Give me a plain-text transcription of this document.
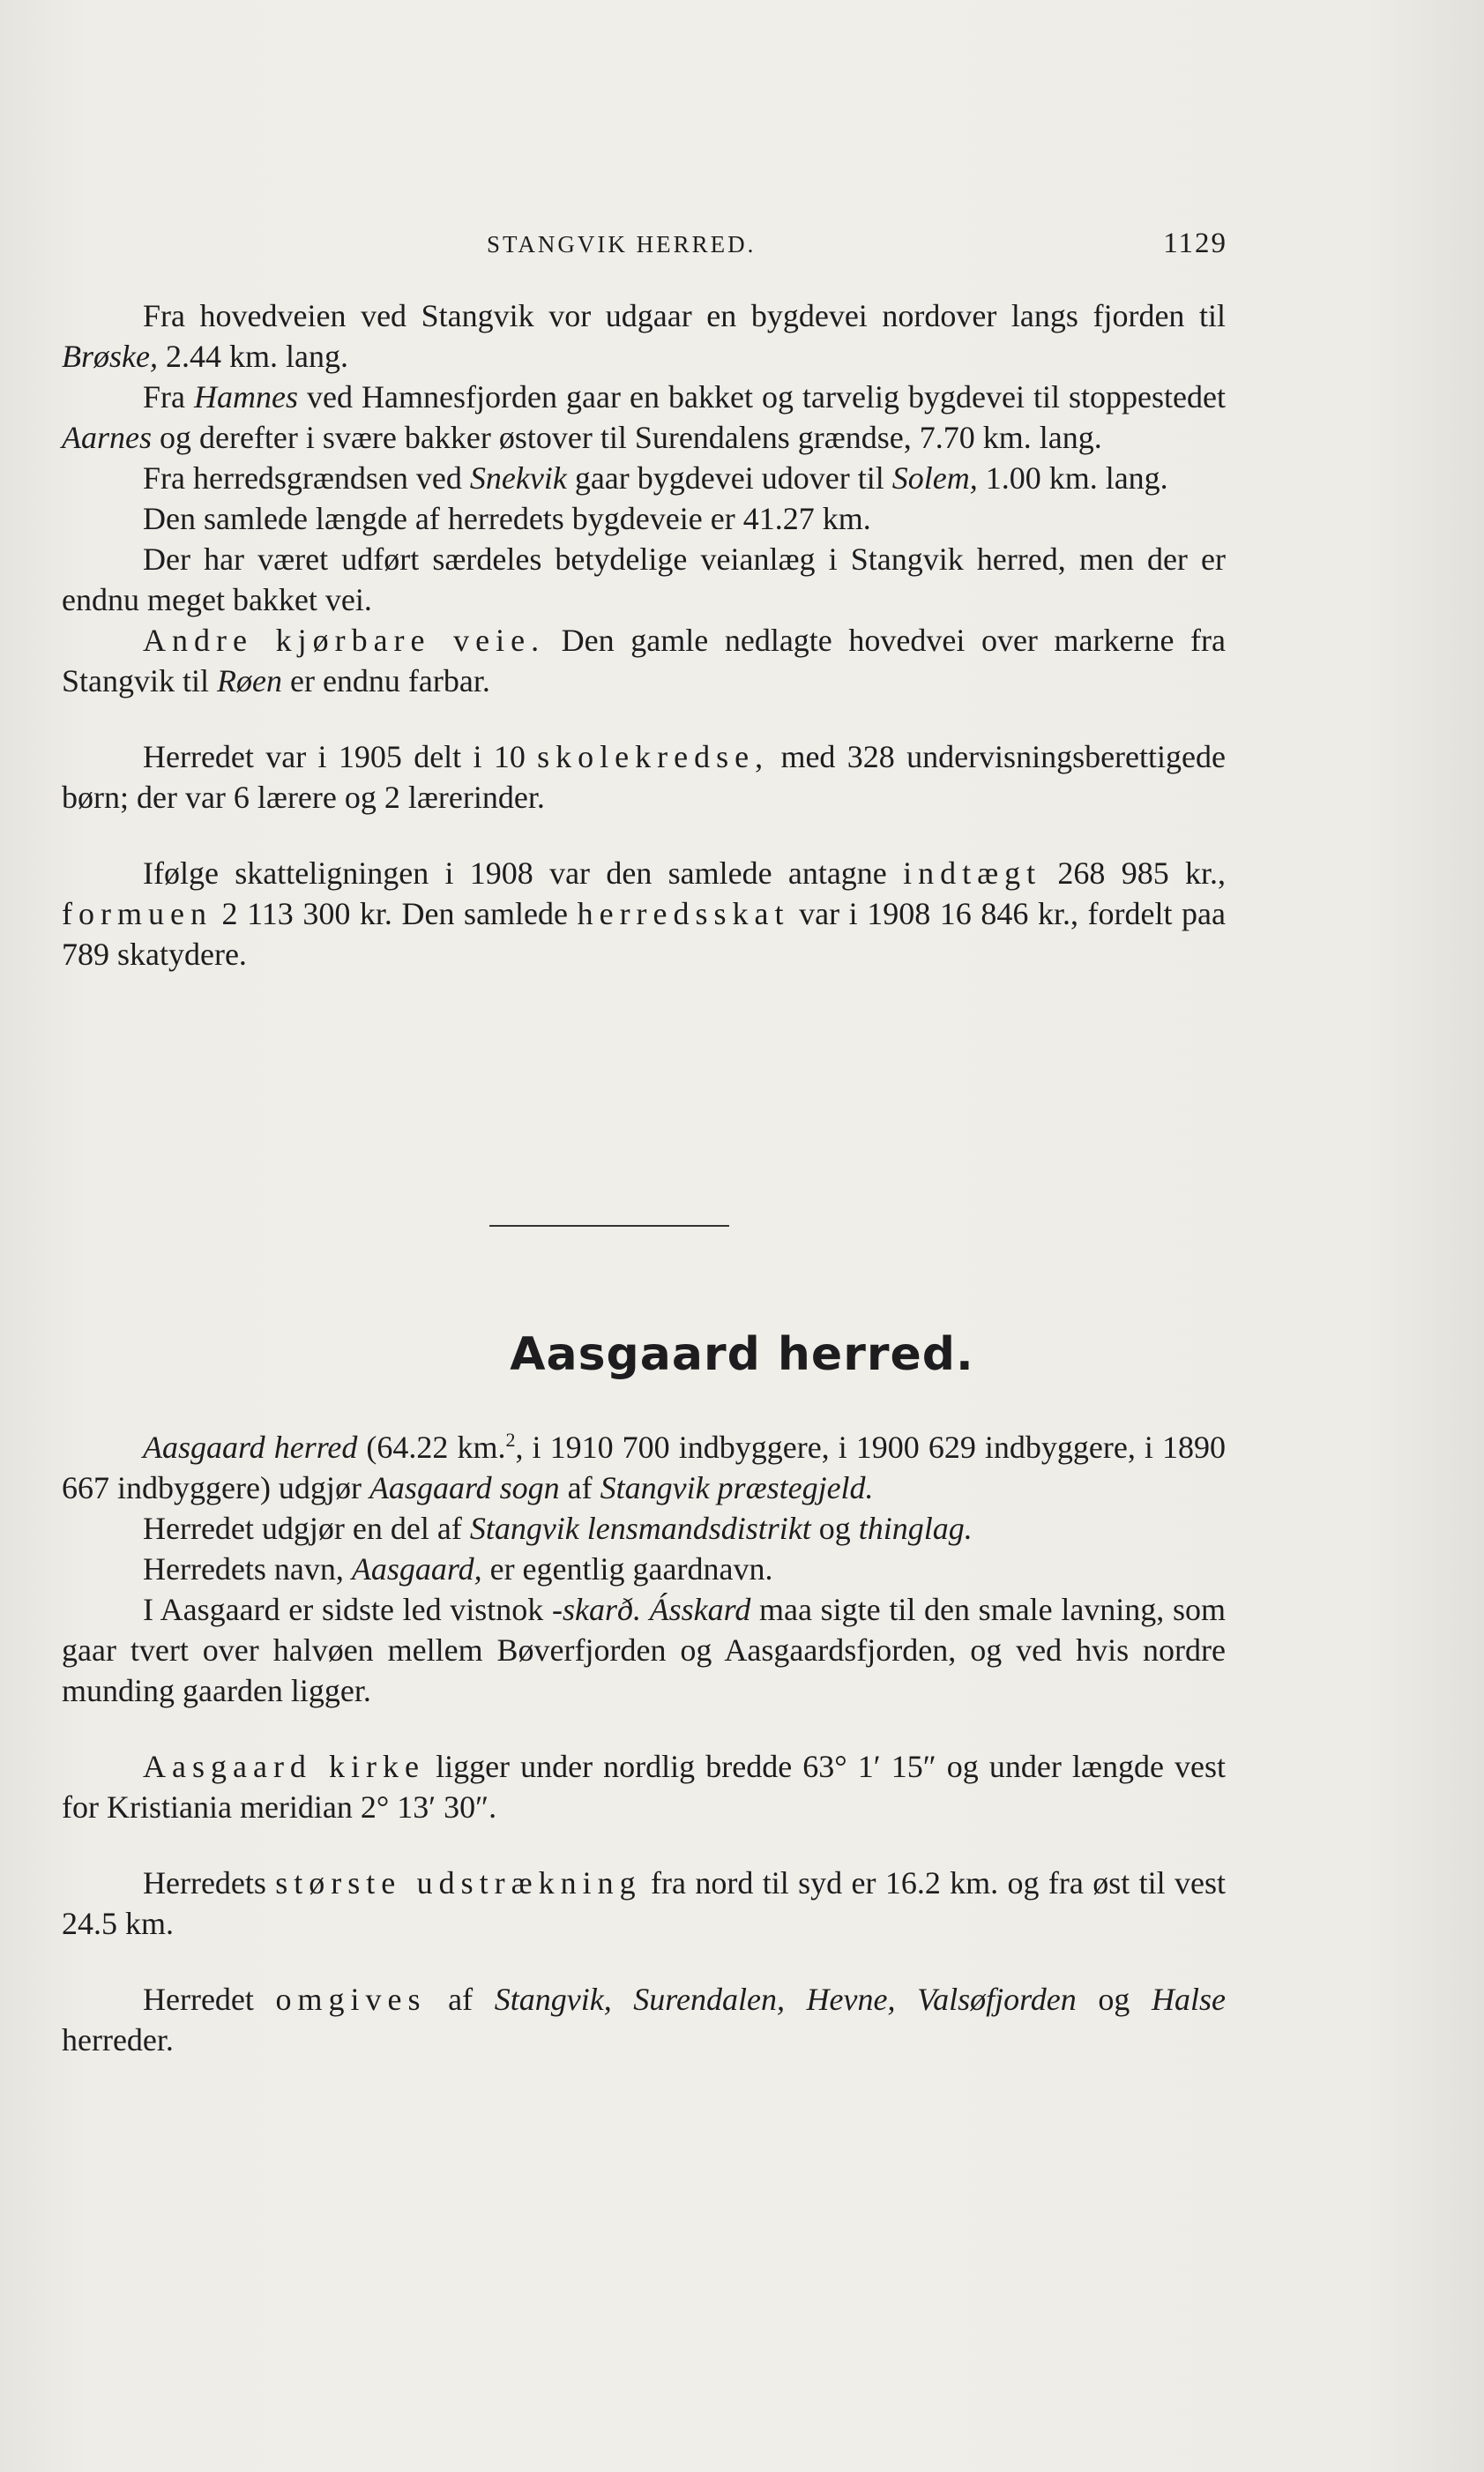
STANGVIK HERRED.	1129

Fra hovedveien ved Stangvik vor udgaar en bygdevei nordover langs fjorden til Brøske, 2.44 km. lang.

Fra Hamnes ved Hamnesfjorden gaar en bakket og tarvelig bygdevei til stoppestedet Aarnes og derefter i svære bakker østover til Surendalens grændse, 7.70 km. lang.

Fra herredsgrændsen ved Snekvik gaar bygdevei udover til Solem, 1.00 km. lang.

Den samlede længde af herredets bygdeveie er 41.27 km.

Der har været udført særdeles betydelige veianlæg i Stangvik herred, men der er endnu meget bakket vei.

Andre kjørbare veie. Den gamle nedlagte hovedvei over markerne fra Stangvik til Røen er endnu farbar.

Herredet var i 1905 delt i 10 skolekredse, med 328 undervisningsberettigede børn; der var 6 lærere og 2 lærerinder.

Ifølge skatteligningen i 1908 var den samlede antagne indtægt 268 985 kr., formuen 2 113 300 kr. Den samlede herredsskat var i 1908 16 846 kr., fordelt paa 789 skatydere.

Aasgaard herred.

Aasgaard herred (64.22 km.$^2$, i 1910 700 indbyggere, i 1900 629 indbyggere, i 1890 667 indbyggere) udgjør Aasgaard sogn af Stangvik præstegjeld.

Herredet udgjør en del af Stangvik lensmandsdistrikt og thinglag.

Herredets navn, Aasgaard, er egentlig gaardnavn.

I Aasgaard er sidste led vistnok -skarð. Ásskard maa sigte til den smale lavning, som gaar tvert over halvøen mellem Bøverfjorden og Aasgaardsfjorden, og ved hvis nordre munding gaarden ligger.

Aasgaard kirke ligger under nordlig bredde 63° 1′ 15″ og under længde vest for Kristiania meridian 2° 13′ 30″.

Herredets største udstrækning fra nord til syd er 16.2 km. og fra øst til vest 24.5 km.

Herredet omgives af Stangvik, Surendalen, Hevne, Valsøfjorden og Halse herreder.
